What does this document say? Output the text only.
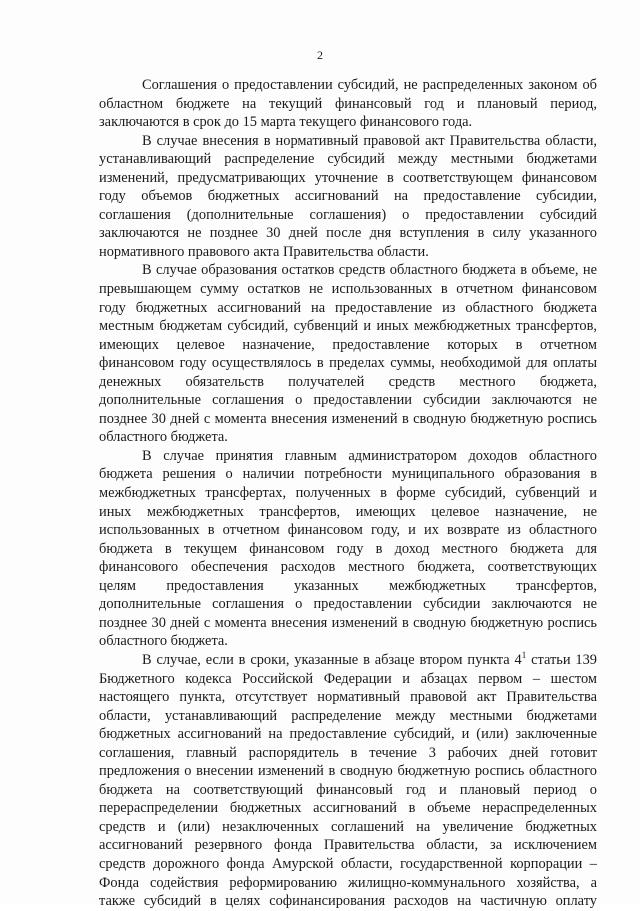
2
Соглашения о предоставлении субсидий, не распределенных законом об
областном бюджете на текущий финансовый год и плановый период,
заключаются в срок до 15 марта текущего финансового года.
В случае внесения в нормативный правовой акт Правительства области,
устанавливающий распределение субсидий между местными бюджетами
изменений, предусматривающих уточнение в соответствующем финансовом
году объемов бюджетных ассигнований на предоставление субсидии,
соглашения (дополнительные соглашения) о предоставлении субсидий
заключаются не позднее 30 дней после дня вступления в силу указанного
нормативного правового акта Правительства области.
В случае образования остатков средств областного бюджета в объеме, не
превышающем сумму остатков не использованных в отчетном финансовом
году бюджетных ассигнований на предоставление из областного бюджета
местным бюджетам субсидий, субвенций и иных межбюджетных трансфертов,
имеющих целевое назначение, предоставление которых в отчетном
финансовом году осуществлялось в пределах суммы, необходимой для оплаты
денежных обязательств получателей средств местного бюджета,
дополнительные соглашения о предоставлении субсидии заключаются не
позднее 30 дней с момента внесения изменений в сводную бюджетную роспись
областного бюджета.
В случае принятия главным администратором доходов областного
бюджета решения о наличии потребности муниципального образования в
межбюджетных трансфертах, полученных в форме субсидий, субвенций и
иных межбюджетных трансфертов, имеющих целевое назначение, не
использованных в отчетном финансовом году, и их возврате из областного
бюджета в текущем финансовом году в доход местного бюджета для
финансового обеспечения расходов местного бюджета, соответствующих
целям предоставления указанных межбюджетных трансфертов,
дополнительные соглашения о предоставлении субсидии заключаются не
позднее 30 дней с момента внесения изменений в сводную бюджетную роспись
областного бюджета.
В случае, если в сроки, указанные в абзаце втором пункта $4^1$ статьи 139
Бюджетного кодекса Российской Федерации и абзацах первом – шестом
настоящего пункта, отсутствует нормативный правовой акт Правительства
области, устанавливающий распределение между местными бюджетами
бюджетных ассигнований на предоставление субсидий, и (или) заключенные
соглашения, главный распорядитель в течение 3 рабочих дней готовит
предложения о внесении изменений в сводную бюджетную роспись областного
бюджета на соответствующий финансовый год и плановый период о
перераспределении бюджетных ассигнований в объеме нераспределенных
средств и (или) незаключенных соглашений на увеличение бюджетных
ассигнований резервного фонда Правительства области, за исключением
средств дорожного фонда Амурской области, государственной корпорации –
Фонда содействия реформированию жилищно-коммунального хозяйства, а
также субсидий в целях софинансирования расходов на частичную оплату
